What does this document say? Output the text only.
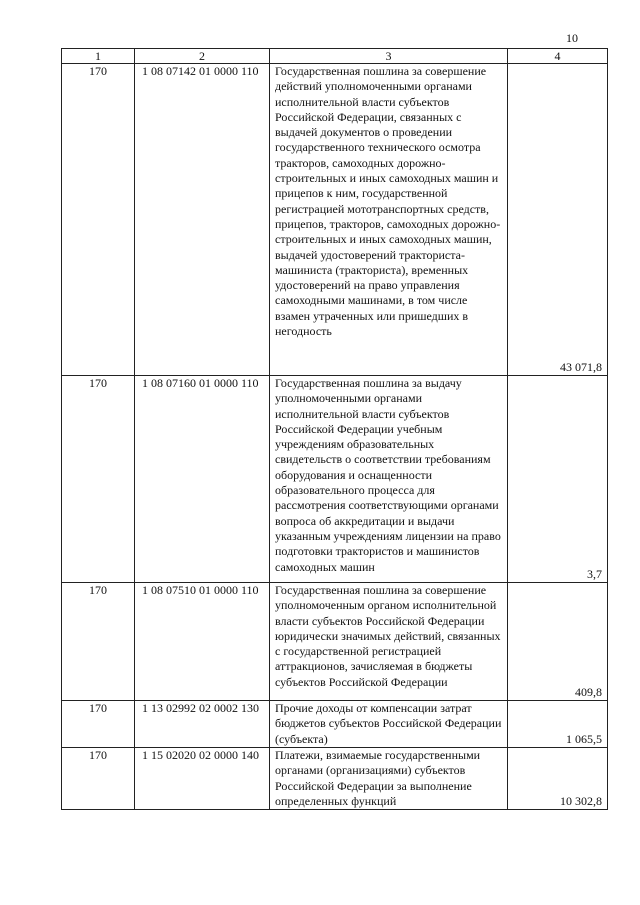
10
1	2	3	4
170	1 08 07142 01 0000 110	Государственная пошлина за совершение действий уполномоченными органами исполнительной власти субъектов Российской Федерации, связанных с выдачей документов о проведении государственного технического осмотра тракторов, самоходных дорожно-строительных и иных самоходных машин и прицепов к ним, государственной регистрацией мототранспортных средств, прицепов, тракторов, самоходных дорожно-строительных и иных самоходных машин, выдачей удостоверений тракториста-машиниста (тракториста), временных удостоверений на право управления самоходными машинами, в том числе взамен утраченных или пришедших в негодность	43 071,8
170	1 08 07160 01 0000 110	Государственная пошлина за выдачу уполномоченными органами исполнительной власти субъектов Российской Федерации учебным учреждениям образовательных свидетельств о соответствии требованиям оборудования и оснащенности образовательного процесса для рассмотрения соответствующими органами вопроса об аккредитации и выдачи указанным учреждениям лицензии на право подготовки трактористов и машинистов самоходных машин	3,7
170	1 08 07510 01 0000 110	Государственная пошлина за совершение уполномоченным органом исполнительной власти субъектов Российской Федерации юридически значимых действий, связанных с государственной регистрацией аттракционов, зачисляемая в бюджеты субъектов Российской Федерации	409,8
170	1 13 02992 02 0002 130	Прочие доходы от компенсации затрат бюджетов субъектов Российской Федерации (субъекта)	1 065,5
170	1 15 02020 02 0000 140	Платежи, взимаемые государственными органами (организациями) субъектов Российской Федерации за выполнение определенных функций	10 302,8
